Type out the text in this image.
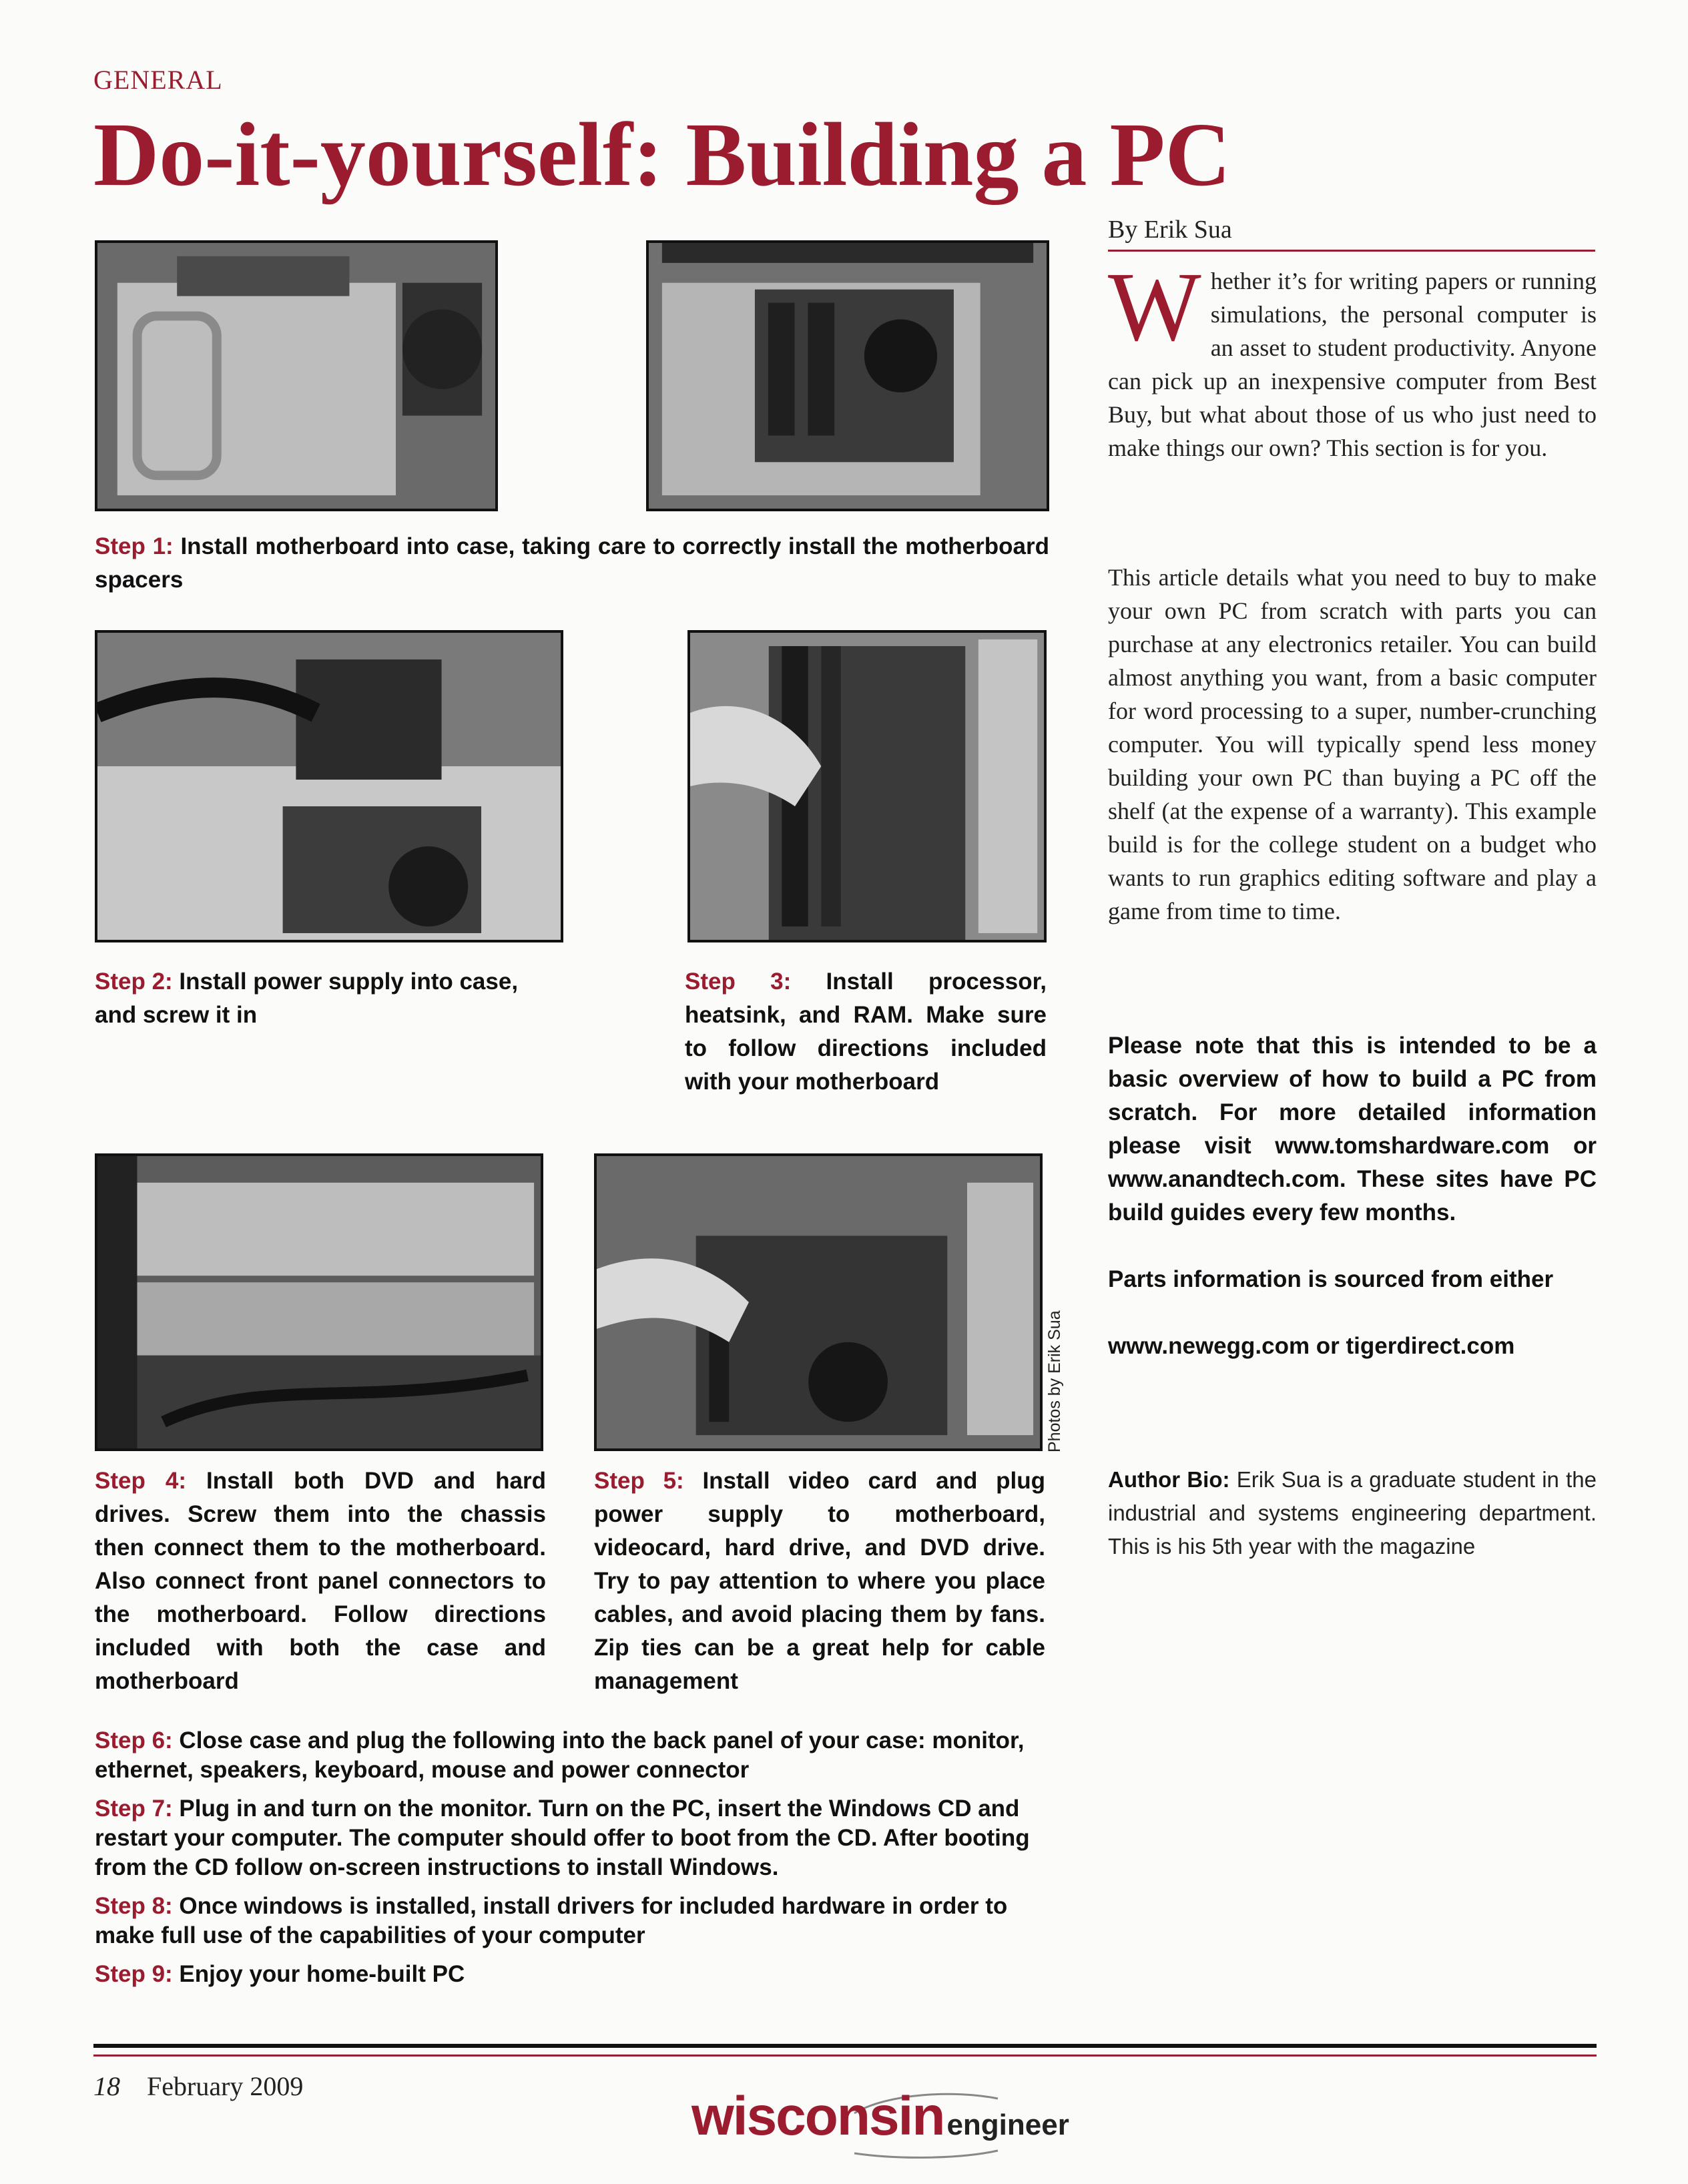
GENERAL
Do-it-yourself: Building a PC
By Erik Sua
Whether it’s for writing papers or running simulations, the personal computer is an asset to student productivity. Anyone can pick up an inexpensive computer from Best Buy, but what about those of us who just need to make things our own? This section is for you.
This article details what you need to buy to make your own PC from scratch with parts you can purchase at any electronics retailer. You can build almost anything you want, from a basic computer for word processing to a super, number-crunching computer. You will typically spend less money building your own PC than buying a PC off the shelf (at the expense of a warranty). This example build is for the college student on a budget who wants to run graphics editing software and play a game from time to time.
Please note that this is intended to be a basic overview of how to build a PC from scratch. For more detailed information please visit www.tomshardware.com or www.anandtech.com. These sites have PC build guides every few months.
Parts information is sourced from either
www.newegg.com or tigerdirect.com
Author Bio: Erik Sua is a graduate student in the industrial and systems engineering department. This is his 5th year with the magazine
Photos by Erik Sua
Step 1: Install motherboard into case, taking care to correctly install the motherboard spacers
Step 2: Install power supply into case, and screw it in
Step 3: Install processor, heatsink, and RAM. Make sure to follow directions included with your motherboard
Step 4: Install both DVD and hard drives. Screw them into the chassis then connect them to the motherboard. Also connect front panel connectors to the motherboard. Follow directions included with both the case and motherboard
Step 5: Install video card and plug power supply to motherboard, videocard, hard drive, and DVD drive. Try to pay attention to where you place cables, and avoid placing them by fans. Zip ties can be a great help for cable management
Step 6: Close case and plug the following into the back panel of your case: monitor, ethernet, speakers, keyboard, mouse and power connector
Step 7: Plug in and turn on the monitor. Turn on the PC, insert the Windows CD and restart your computer. The computer should offer to boot from the CD. After booting from the CD follow on-screen instructions to install Windows.
Step 8: Once windows is installed, install drivers for included hardware in order to make full use of the capabilities of your computer
Step 9: Enjoy your home-built PC
18 February 2009	wisconsinengineer
